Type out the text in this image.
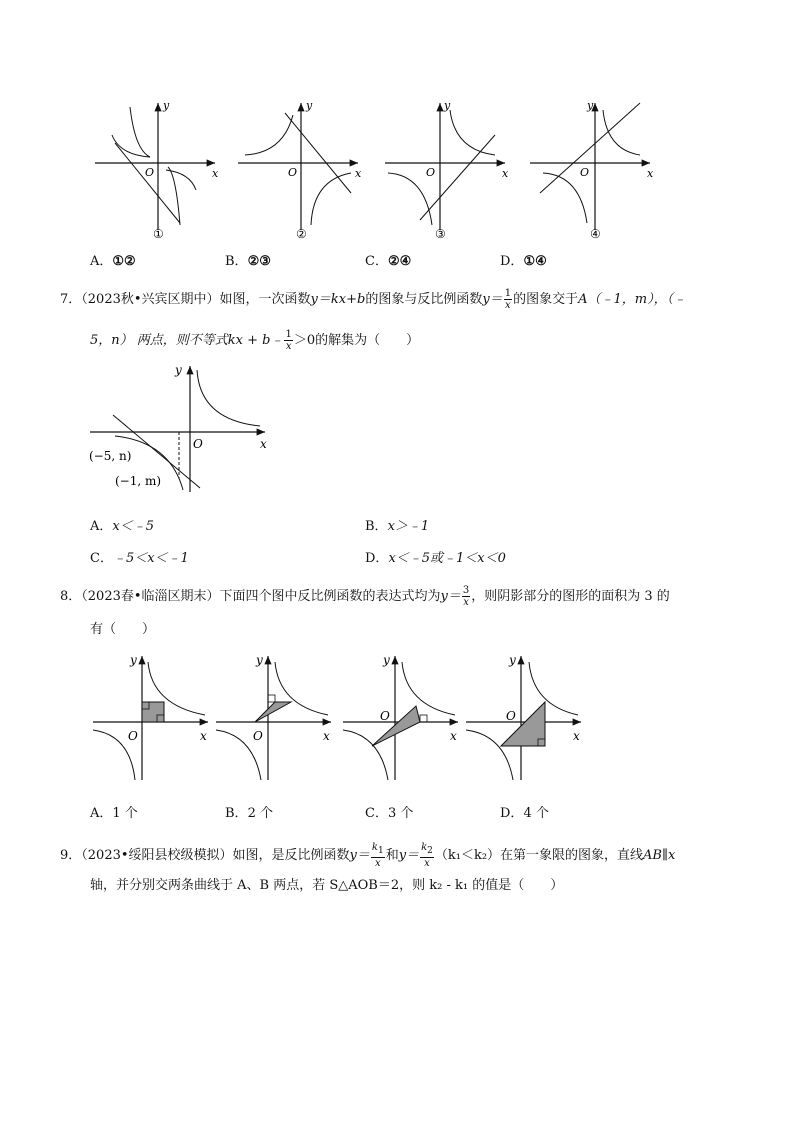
y
x
O
①
y
x
O
②
y
x
O
③
y
x
O
④
A．①②	B．②③	C．②④	D．①④
7．（2023秋•兴宾区期中）如图，一次函数y＝kx+b的图象与反比例函数$y= \frac{1}{x}$ 的图象交于A（﹣1，m），（﹣
5，n） 两点，则不等式kx + b﹣ $\frac{1}{x} >0$的解集为（　　）
y
x
O
(−5, n)
(−1, m)
A．x＜﹣5	B．x＞﹣1
C．﹣5＜x＜﹣1	D．x＜﹣5或﹣1＜x＜0
8．（2023春•临淄区期末）下面四个图中反比例函数的表达式均为$y= \frac{3}{x}$ ，则阴影部分的图形的面积为 3 的
有（　　）
y
x
O
y
x
O
y
x
O
y
x
O
A．1 个	B．2 个	C．3 个	D．4 个
9．（2023•绥阳县校级模拟）如图，是反比例函数$y= \frac{k_1}{x}$ 和$y= \frac{k_2}{x} (k_1<k_2)$在第一象限的图象，直线AB∥x
轴，并分别交两条曲线于 A、B 两点，若 S△AOB＝2，则 k₂ - k₁ 的值是（　　）
